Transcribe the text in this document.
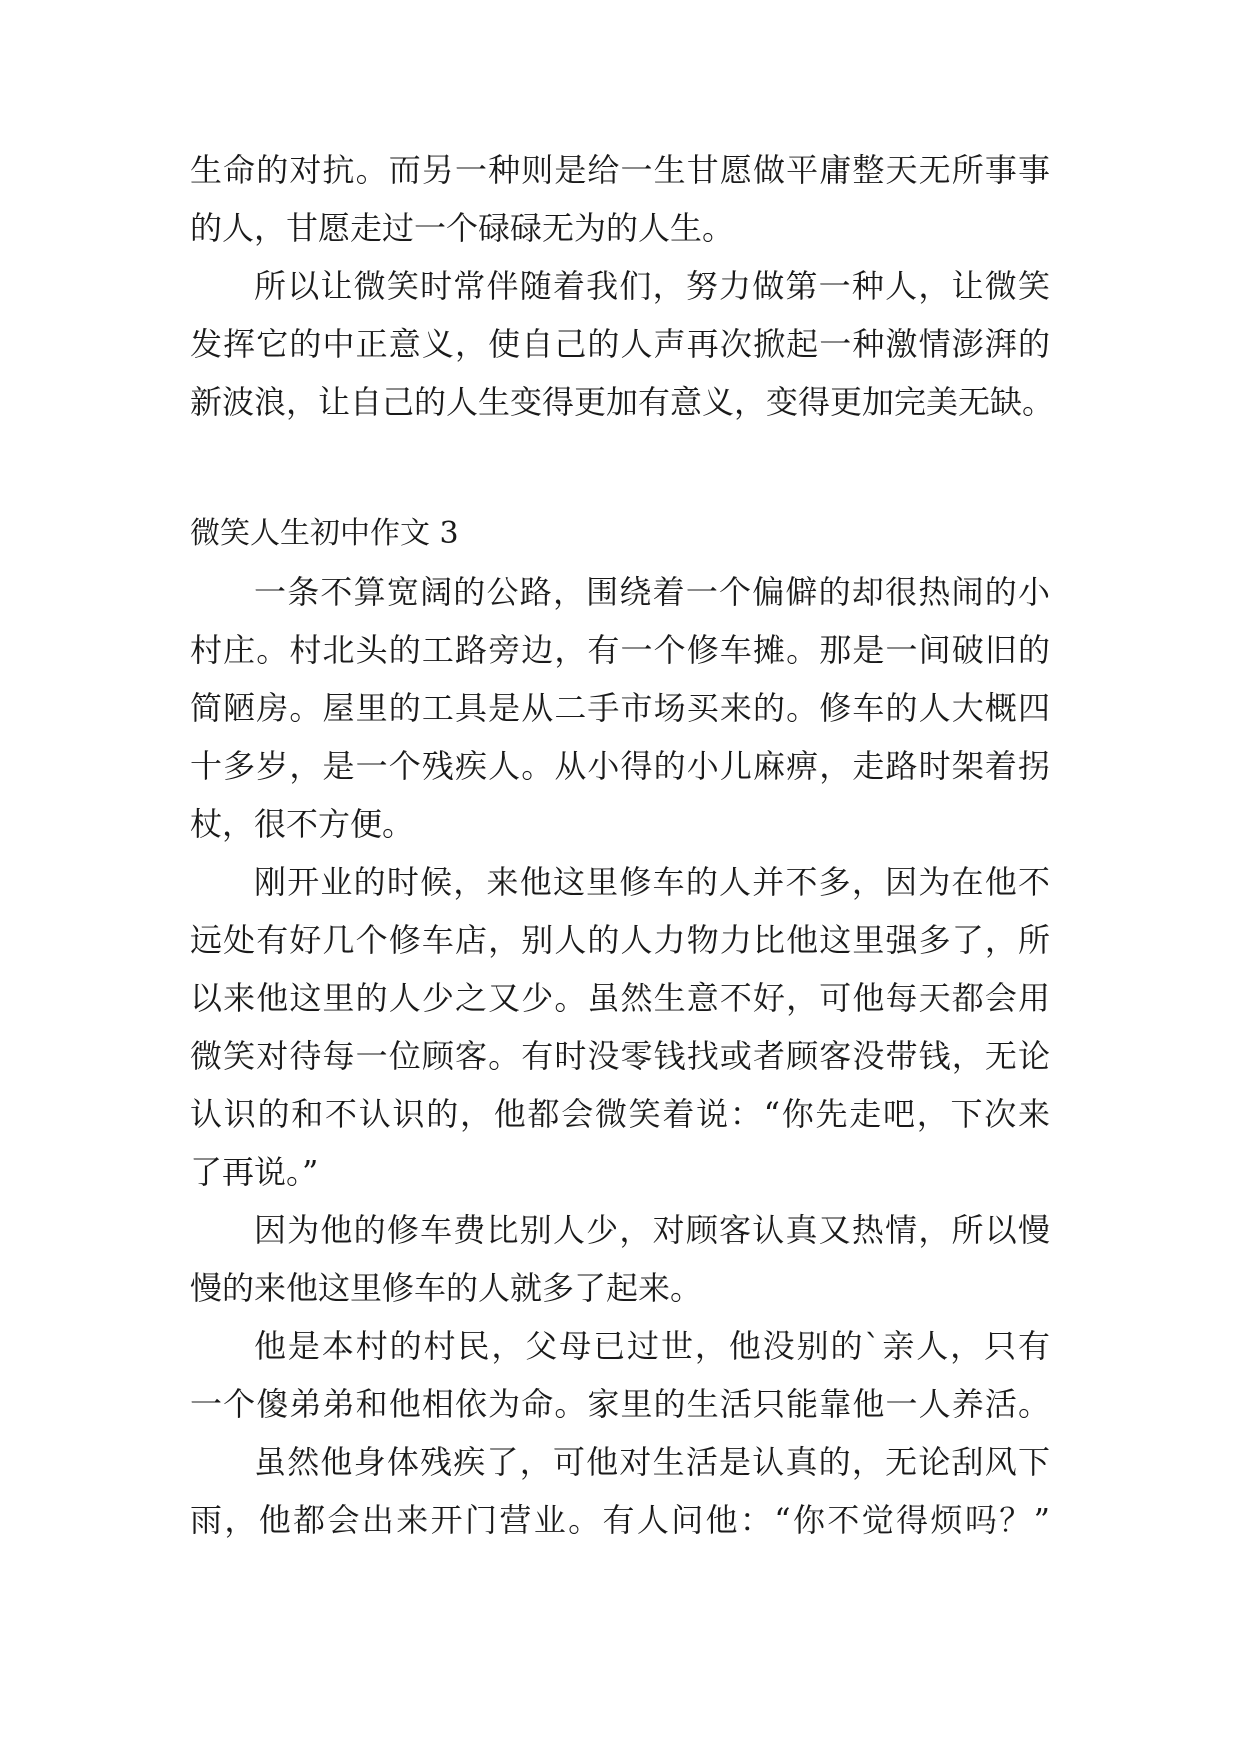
生命的对抗。而另一种则是给一生甘愿做平庸整天无所事事
的人，甘愿走过一个碌碌无为的人生。
所以让微笑时常伴随着我们，努力做第一种人，让微笑
发挥它的中正意义，使自己的人声再次掀起一种激情澎湃的
新波浪，让自己的人生变得更加有意义，变得更加完美无缺。
微笑人生初中作文 3
一条不算宽阔的公路，围绕着一个偏僻的却很热闹的小
村庄。村北头的工路旁边，有一个修车摊。那是一间破旧的
简陋房。屋里的工具是从二手市场买来的。修车的人大概四
十多岁，是一个残疾人。从小得的小儿麻痹，走路时架着拐
杖，很不方便。
刚开业的时候，来他这里修车的人并不多，因为在他不
远处有好几个修车店，别人的人力物力比他这里强多了，所
以来他这里的人少之又少。虽然生意不好，可他每天都会用
微笑对待每一位顾客。有时没零钱找或者顾客没带钱，无论
认识的和不认识的，他都会微笑着说：“你先走吧，下次来
了再说。”
因为他的修车费比别人少，对顾客认真又热情，所以慢
慢的来他这里修车的人就多了起来。
他是本村的村民，父母已过世，他没别的`亲人，只有
一个傻弟弟和他相依为命。家里的生活只能靠他一人养活。
虽然他身体残疾了，可他对生活是认真的，无论刮风下
雨，他都会出来开门营业。有人问他：“你不觉得烦吗？”
